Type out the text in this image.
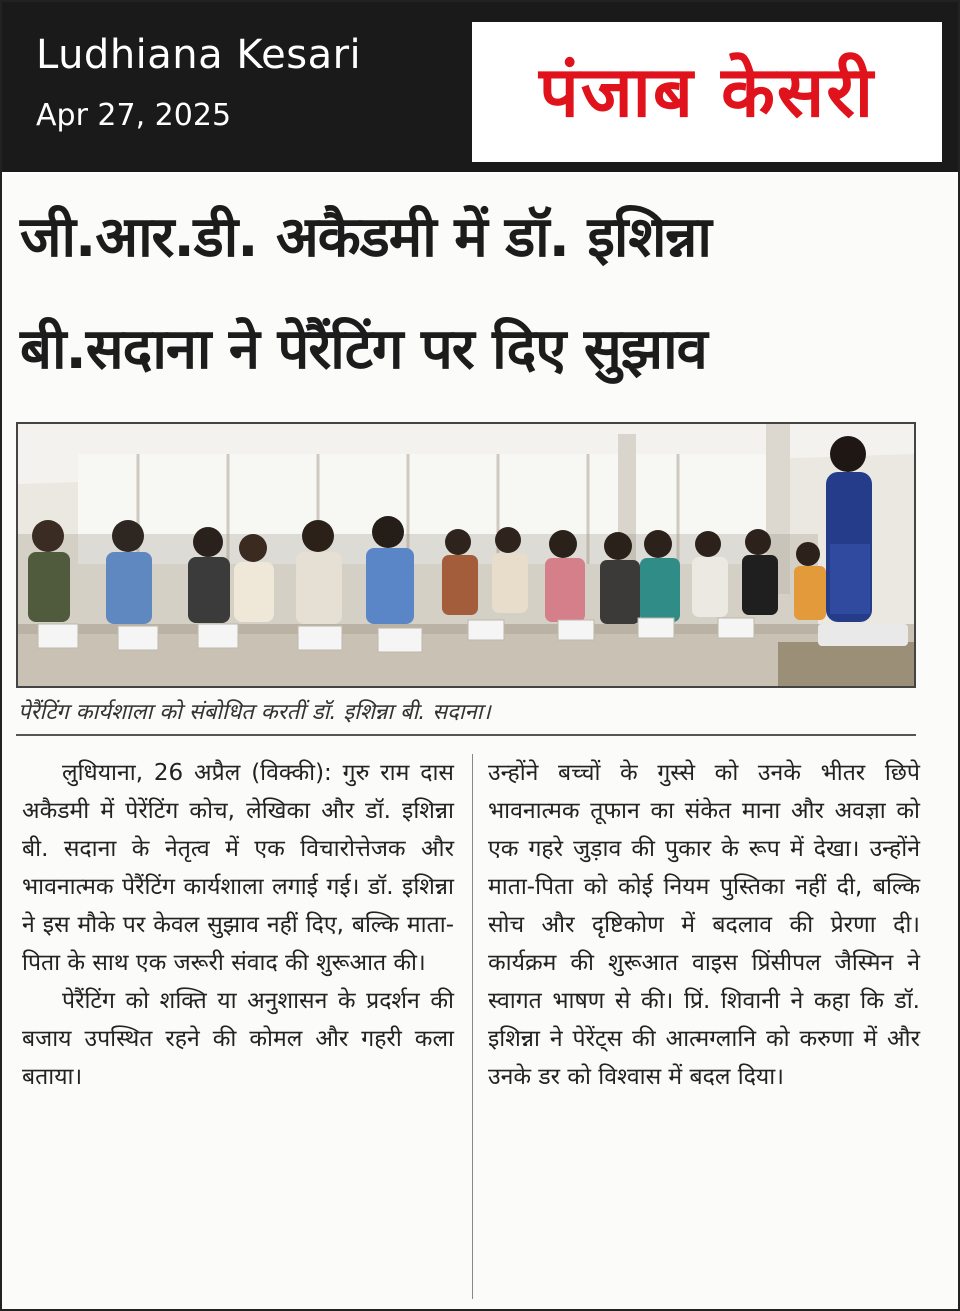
Ludhiana Kesari
Apr 27, 2025	पंजाब केसरी
जी.आर.डी. अकैडमी में डॉ. इशिन्ना
बी.सदाना ने पेरैंटिंग पर दिए सुझाव
पेरैंटिंग कार्यशाला को संबोधित करतीं डॉ. इशिन्ना बी. सदाना।

लुधियाना, 26 अप्रैल (विक्की): गुरु राम दास अकैडमी में पेरेंटिंग कोच, लेखिका और डॉ. इशिन्ना बी. सदाना के नेतृत्व में एक विचारोत्तेजक और भावनात्मक पेरैंटिंग कार्यशाला लगाई गई। डॉ. इशिन्ना ने इस मौके पर केवल सुझाव नहीं दिए, बल्कि माता-पिता के साथ एक जरूरी संवाद की शुरूआत की।

पेरैंटिंग को शक्ति या अनुशासन के प्रदर्शन की बजाय उपस्थित रहने की कोमल और गहरी कला बताया।

उन्होंने बच्चों के गुस्से को उनके भीतर छिपे भावनात्मक तूफान का संकेत माना और अवज्ञा को एक गहरे जुड़ाव की पुकार के रूप में देखा। उन्होंने माता-पिता को कोई नियम पुस्तिका नहीं दी, बल्कि सोच और दृष्टिकोण में बदलाव की प्रेरणा दी। कार्यक्रम की शुरूआत वाइस प्रिंसीपल जैस्मिन ने स्वागत भाषण से की। प्रिं. शिवानी ने कहा कि डॉ. इशिन्ना ने पेरेंट्स की आत्मग्लानि को करुणा में और उनके डर को विश्वास में बदल दिया।
